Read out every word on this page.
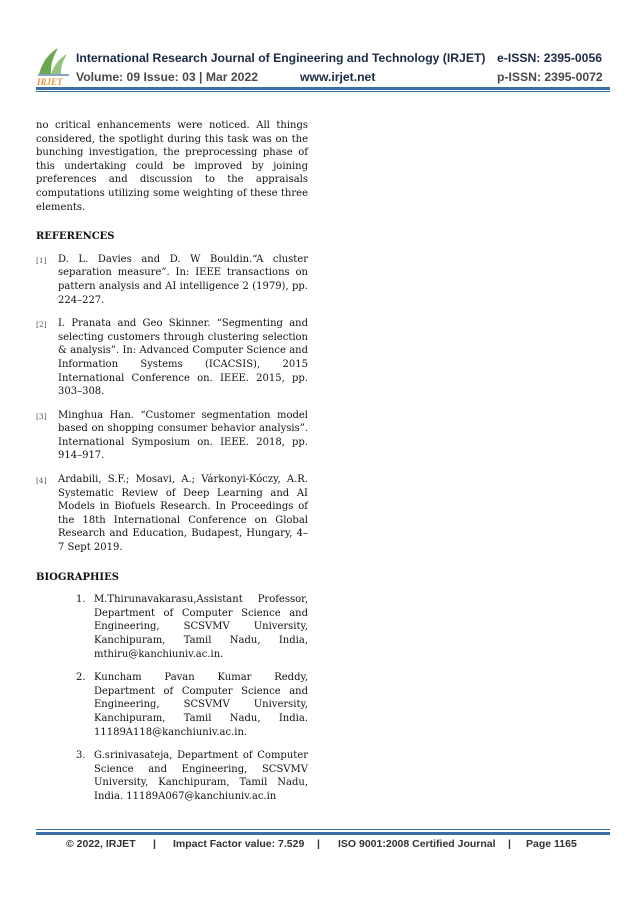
IRJET
International Research Journal of Engineering and Technology (IRJET) e-ISSN: 2395-0056
Volume: 09 Issue: 03 | Mar 2022	www.irjet.net	p-ISSN: 2395-0072

no critical enhancements were noticed. All things considered, the spotlight during this task was on the bunching investigation, the preprocessing phase of this undertaking could be improved by joining preferences and discussion to the appraisals computations utilizing some weighting of these three elements.

REFERENCES
[1]	D. L. Davies and D. W Bouldin.“A cluster separation measure”. In: IEEE transactions on pattern analysis and AI intelligence 2 (1979), pp. 224–227.
[2]	I. Pranata and Geo Skinner. “Segmenting and selecting customers through clustering selection & analysis”. In: Advanced Computer Science and Information Systems (ICACSIS), 2015 International Conference on. IEEE. 2015, pp. 303–308.
[3]	Minghua Han. “Customer segmentation model based on shopping consumer behavior analysis”. International Symposium on. IEEE. 2018, pp. 914–917.
[4]	Ardabili, S.F.; Mosavi, A.; Várkonyi-Kóczy, A.R. Systematic Review of Deep Learning and AI Models in Biofuels Research. In Proceedings of the 18th International Conference on Global Research and Education, Budapest, Hungary, 4–7 Sept 2019.
BIOGRAPHIES
1. M.Thirunavakarasu,Assistant Professor, Department of Computer Science and Engineering, SCSVMV University, Kanchipuram, Tamil Nadu, India, mthiru@kanchiuniv.ac.in.
2. Kuncham Pavan Kumar Reddy, Department of Computer Science and Engineering, SCSVMV University, Kanchipuram, Tamil Nadu, India. 11189A118@kanchiuniv.ac.in.
3. G.srinivasateja, Department of Computer Science and Engineering, SCSVMV University, Kanchipuram, Tamil Nadu, India. 11189A067@kanchiuniv.ac.in
© 2022, IRJET | Impact Factor value: 7.529 | ISO 9001:2008 Certified Journal | Page 1165
